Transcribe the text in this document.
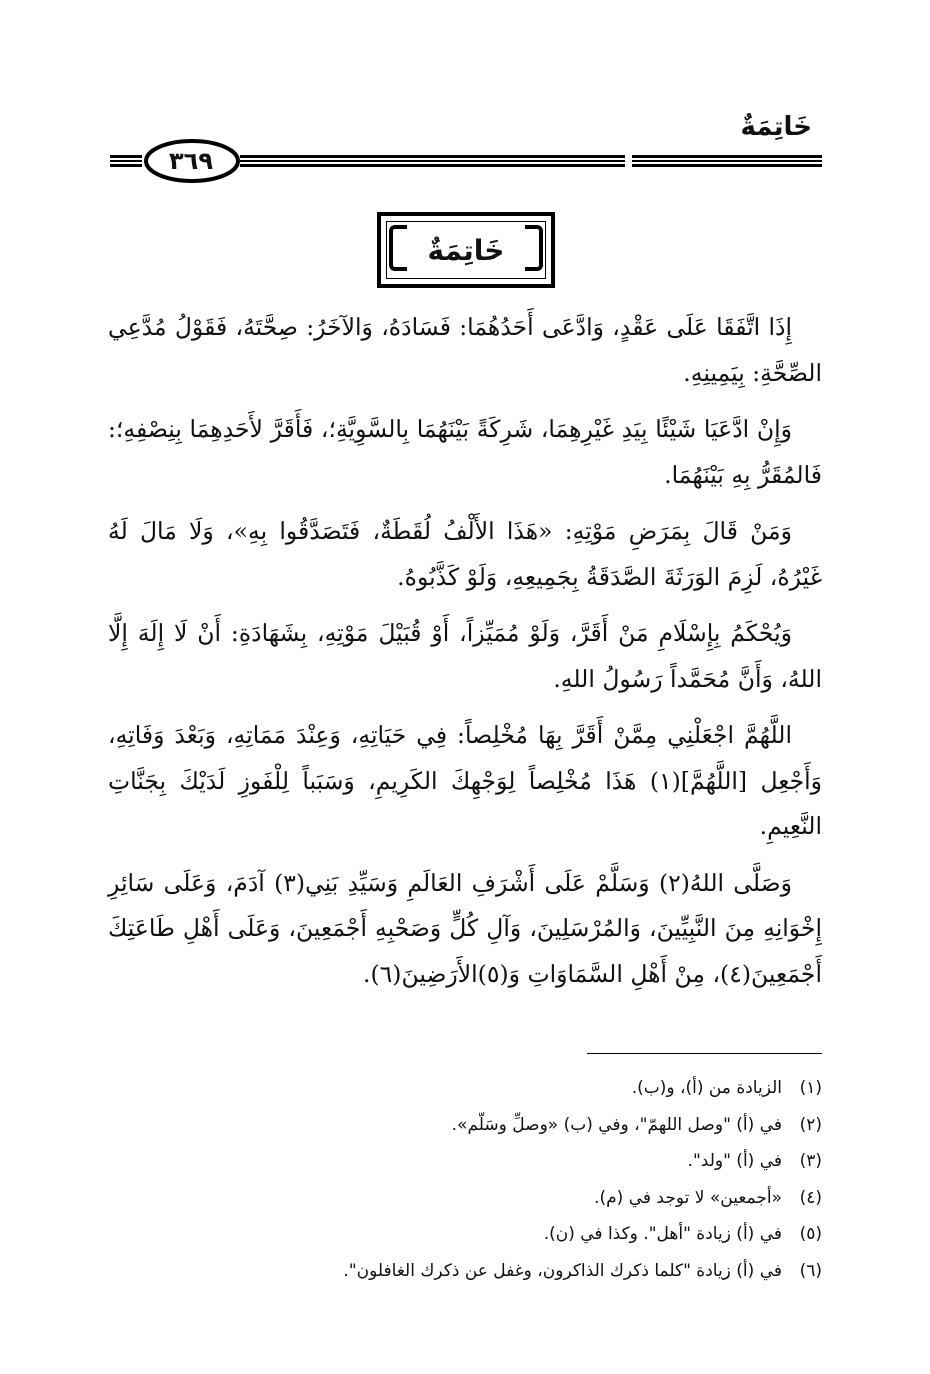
خَاتِمَةٌ
٣٦٩
خَاتِمَةٌ

إِذَا اتَّفَقَا عَلَى عَقْدٍ، وَادَّعَى أَحَدُهُمَا: فَسَادَهُ، وَالآخَرُ: صِحَّتَهُ، فَقَوْلُ مُدَّعِي الصِّحَّةِ: بِيَمِينِهِ.

وَإِنْ ادَّعَيَا شَيْئًا بِيَدِ غَيْرِهِمَا، شَرِكَةً بَيْنَهُمَا بِالسَّوِيَّةِ؛، فَأَقَرَّ لأَحَدِهِمَا بِنِصْفِهِ؛: فَالمُقَرُّ بِهِ بَيْنَهُمَا.

وَمَنْ قَالَ بِمَرَضِ مَوْتِهِ: «هَذَا الأَلْفُ لُقَطَةٌ، فَتَصَدَّقُوا بِهِ»، وَلَا مَالَ لَهُ غَيْرُهُ، لَزِمَ الوَرَثَةَ الصَّدَقَةُ بِجَمِيعِهِ، وَلَوْ كَذَّبُوهُ.

وَيُحْكَمُ بِإِسْلَامِ مَنْ أَقَرَّ، وَلَوْ مُمَيِّزاً، أَوْ قُبَيْلَ مَوْتِهِ، بِشَهَادَةِ: أَنْ لَا إِلَهَ إِلَّا اللهُ، وَأَنَّ مُحَمَّداً رَسُولُ اللهِ.

اللَّهُمَّ اجْعَلْنِي مِمَّنْ أَقَرَّ بِهَا مُخْلِصاً: فِي حَيَاتِهِ، وَعِنْدَ مَمَاتِهِ، وَبَعْدَ وَفَاتِهِ، وَأَجْعِل [اللَّهُمَّ](١) هَذَا مُخْلِصاً لِوَجْهِكَ الكَرِيمِ، وَسَبَباً لِلْفَوزِ لَدَيْكَ بِجَنَّاتِ النَّعِيمِ.

وَصَلَّى اللهُ(٢) وَسَلَّمْ عَلَى أَشْرَفِ العَالَمِ وَسَيِّدِ بَنِي(٣) آدَمَ، وَعَلَى سَائِرِ إِخْوَانِهِ مِنَ النَّبِيِّينَ، وَالمُرْسَلِينَ، وَآلِ كُلٍّ وَصَحْبِهِ أَجْمَعِينَ، وَعَلَى أَهْلِ طَاعَتِكَ أَجْمَعِينَ(٤)، مِنْ أَهْلِ السَّمَاوَاتِ وَ(٥)الأَرَضِينَ(٦).

(١)
الزيادة من (أ)، و(ب).
(٢)
في (أ) "وصل اللهمّ"، وفي (ب) «وصلِّ وسَلّم».
(٣)
في (أ) "ولد".
(٤)
«أجمعين» لا توجد في (م).
(٥)
في (أ) زيادة "أهل". وكذا في (ن).
(٦)
في (أ) زيادة "كلما ذكرك الذاكرون، وغفل عن ذكرك الغافلون".
